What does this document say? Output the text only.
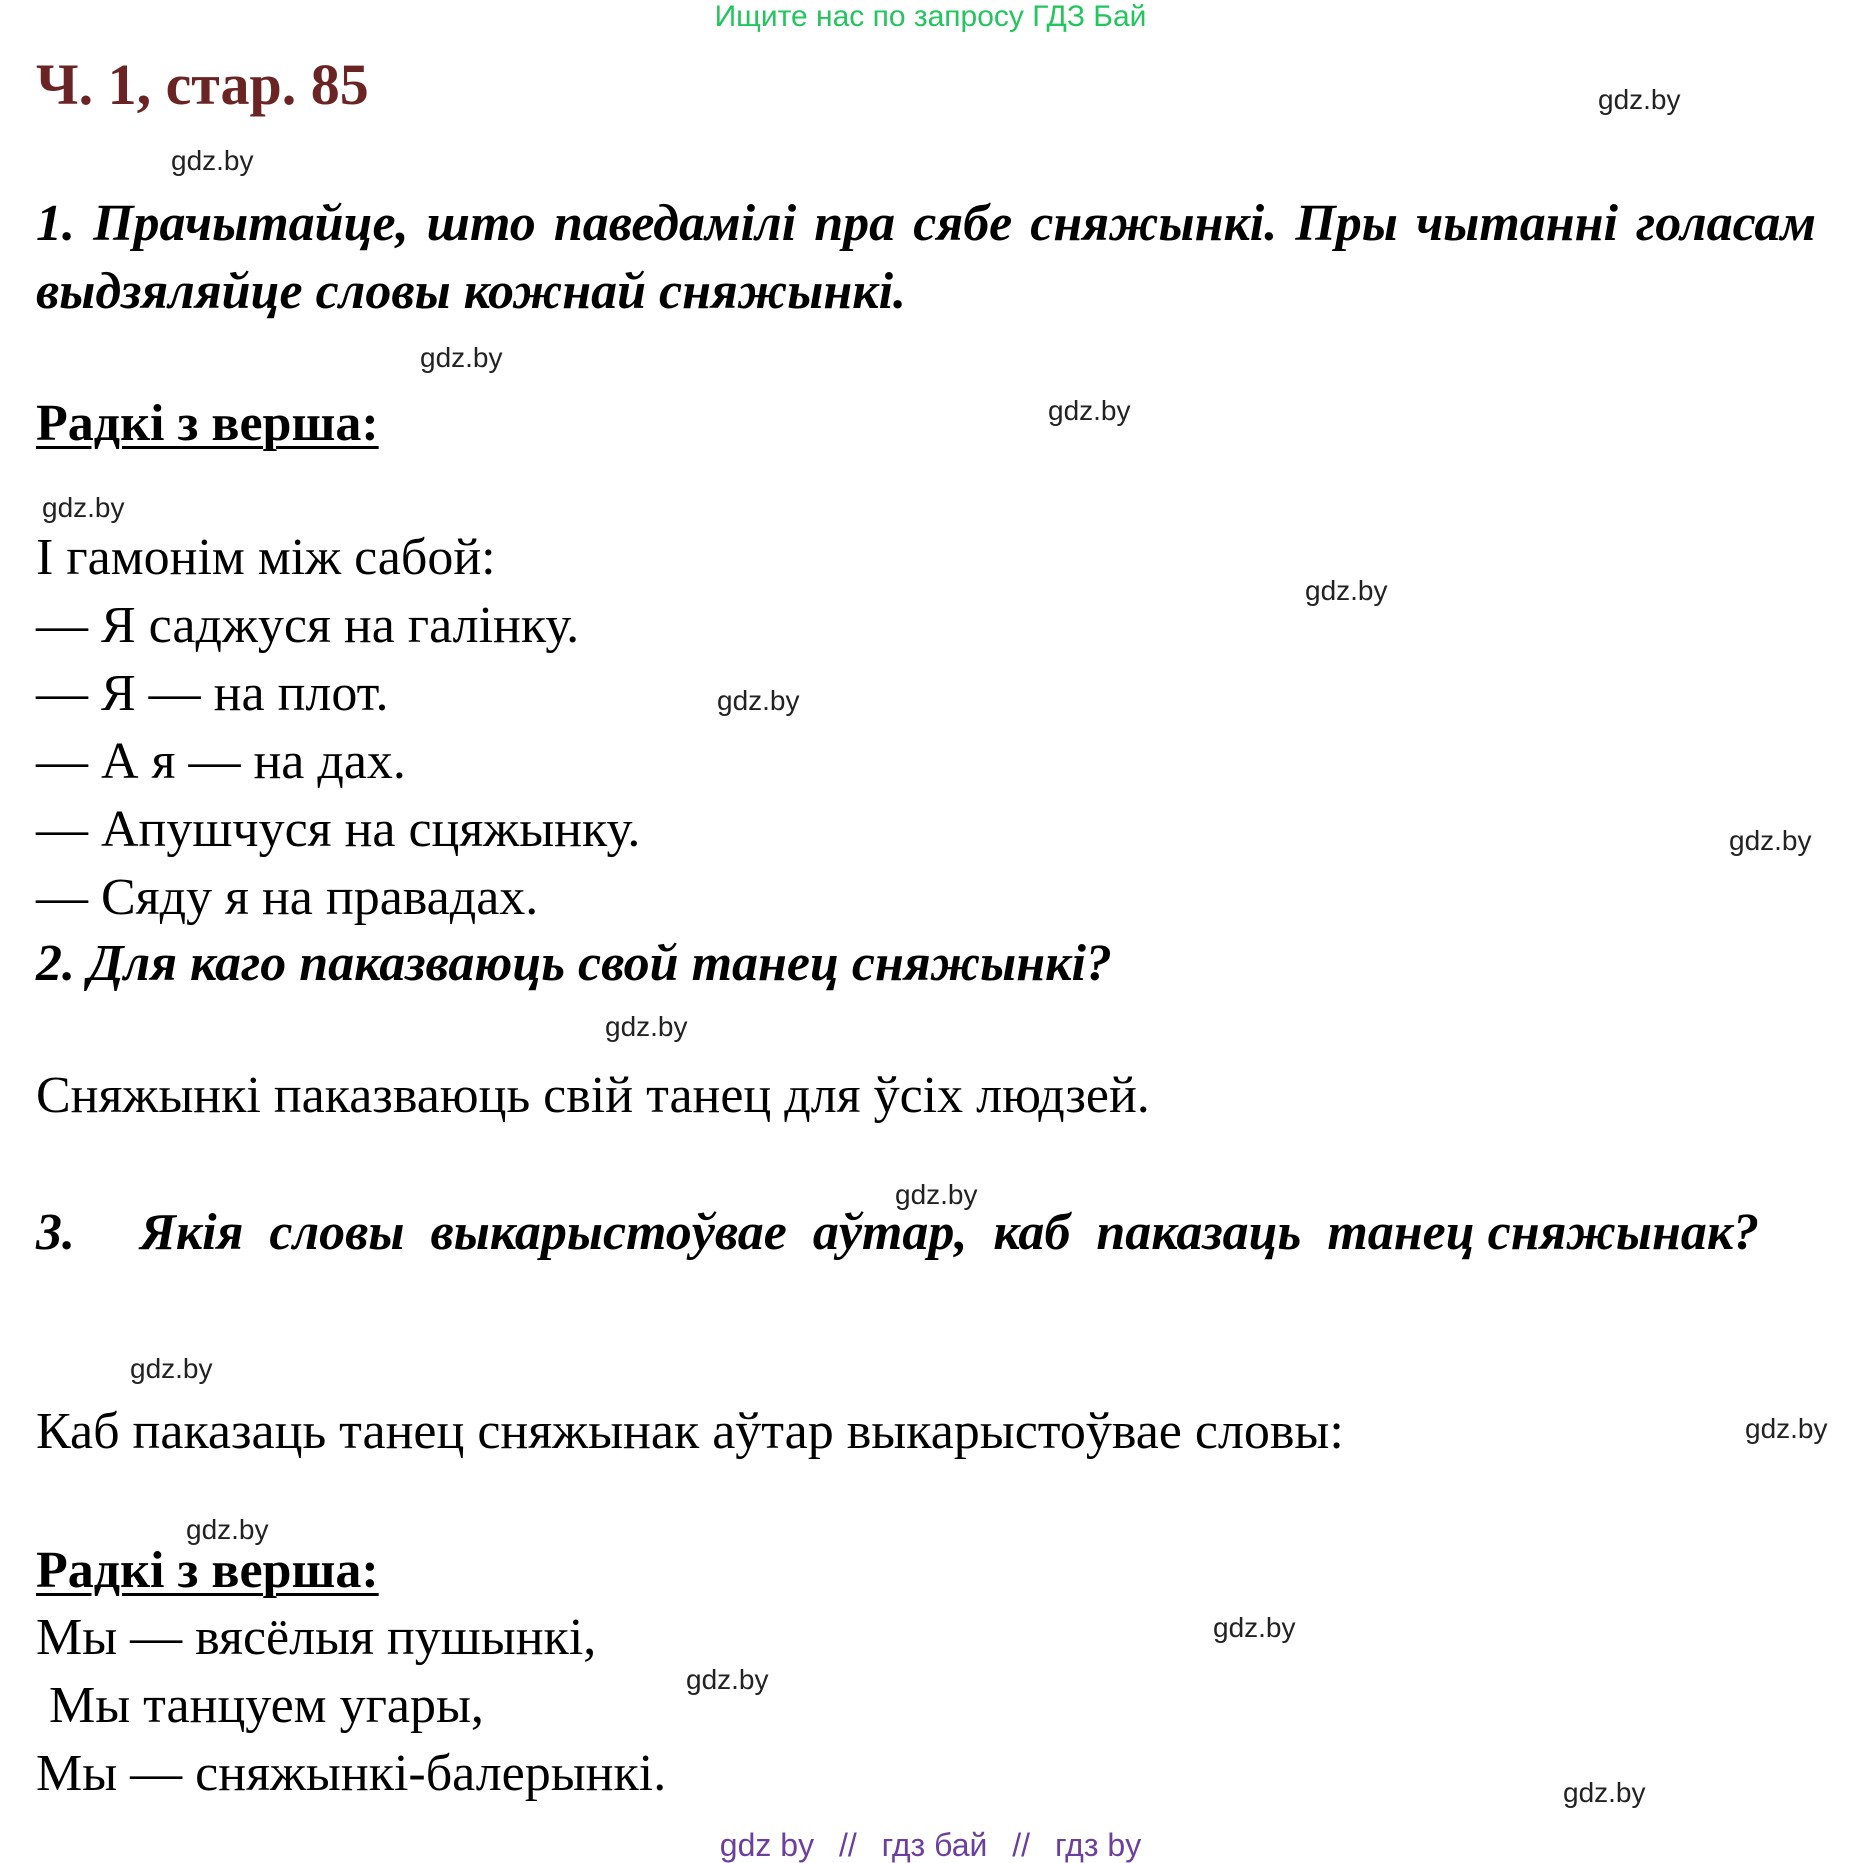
Ищите нас по запросу ГДЗ Бай
Ч. 1, стар. 85	gdz.by
gdz.by
gdz.by
gdz.by
gdz.by
gdz.by
gdz.by
gdz.by
gdz.by
gdz.by
gdz.by
gdz.by
gdz.by
gdz.by
gdz.by
gdz.by
1. Прачытайце, што паведамілі пра сябе сняжынкі. Пры чытанні голасам выдзяляйце словы кожнай сняжынкі.
Радкі з верша:
І гамонім між сабой:
— Я саджуся на галінку.
— Я — на плот.
— А я — на дах.
— Апушчуся на сцяжынку.
— Сяду я на правадах.
2. Для каго паказваюць свой танец сняжынкі?
Сняжынкі паказваюць свій танец для ўсіх людзей.
3.     Якія  словы  выкарыстоўвае  аўтар,  каб  паказаць  танец сняжынак?
Каб паказаць танец сняжынак аўтар выкарыстоўвае словы:
Радкі з верша:
Мы — вясёлыя пушынкі,
Мы танцуем угары,
Мы — сняжынкі-балерынкі.
gdz by // гдз бай // гдз by
